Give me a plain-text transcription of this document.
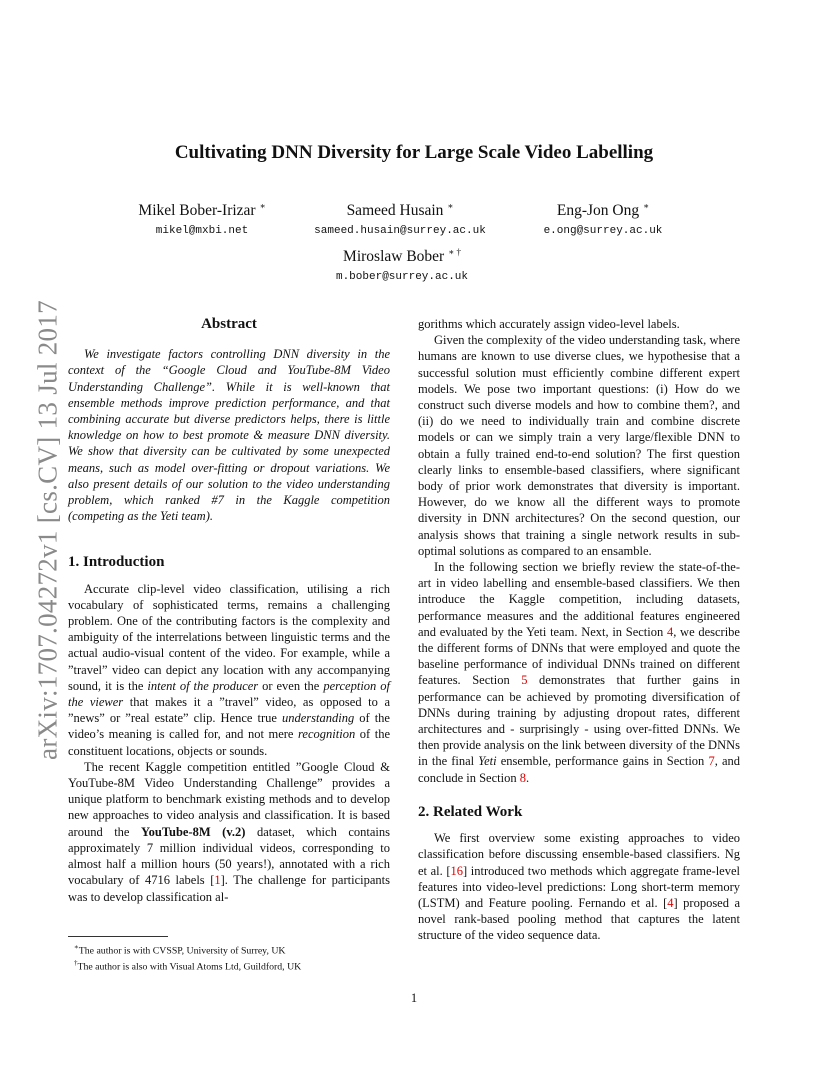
arXiv:1707.04272v1 [cs.CV] 13 Jul 2017
Cultivating DNN Diversity for Large Scale Video Labelling
Mikel Bober-Irizar ∗
mikel@mxbi.net
Sameed Husain ∗
sameed.husain@surrey.ac.uk
Eng-Jon Ong ∗
e.ong@surrey.ac.uk
Miroslaw Bober ∗ †
m.bober@surrey.ac.uk
Abstract

We investigate factors controlling DNN diversity in the context of the “Google Cloud and YouTube-8M Video Understanding Challenge”. While it is well-known that ensemble methods improve prediction performance, and that combining accurate but diverse predictors helps, there is little knowledge on how to best promote & measure DNN diversity. We show that diversity can be cultivated by some unexpected means, such as model over-fitting or dropout variations. We also present details of our solution to the video understanding problem, which ranked #7 in the Kaggle competition (competing as the Yeti team).

1. Introduction

Accurate clip-level video classification, utilising a rich vocabulary of sophisticated terms, remains a challenging problem. One of the contributing factors is the complexity and ambiguity of the interrelations between linguistic terms and the actual audio-visual content of the video. For example, while a ”travel” video can depict any location with any accompanying sound, it is the intent of the producer or even the perception of the viewer that makes it a ”travel” video, as opposed to a ”news” or ”real estate” clip. Hence true understanding of the video’s meaning is called for, and not mere recognition of the constituent locations, objects or sounds.

The recent Kaggle competition entitled ”Google Cloud & YouTube-8M Video Understanding Challenge” provides a unique platform to benchmark existing methods and to develop new approaches to video analysis and classification. It is based around the YouTube-8M (v.2) dataset, which contains approximately 7 million individual videos, corresponding to almost half a million hours (50 years!), annotated with a rich vocabulary of 4716 labels [1]. The challenge for participants was to develop classification al-

gorithms which accurately assign video-level labels.

Given the complexity of the video understanding task, where humans are known to use diverse clues, we hypothesise that a successful solution must efficiently combine different expert models. We pose two important questions: (i) How do we construct such diverse models and how to combine them?, and (ii) do we need to individually train and combine discrete models or can we simply train a very large/flexible DNN to obtain a fully trained end-to-end solution? The first question clearly links to ensemble-based classifiers, where significant body of prior work demonstrates that diversity is important. However, do we know all the different ways to promote diversity in DNN architectures? On the second question, our analysis shows that training a single network results in sub-optimal solutions as compared to an ensamble.

In the following section we briefly review the state-of-the-art in video labelling and ensemble-based classifiers. We then introduce the Kaggle competition, including datasets, performance measures and the additional features engineered and evaluated by the Yeti team. Next, in Section 4, we describe the different forms of DNNs that were employed and quote the baseline performance of individual DNNs trained on different features. Section 5 demonstrates that further gains in performance can be achieved by promoting diversification of DNNs during training by adjusting dropout rates, different architectures and - surprisingly - using over-fitted DNNs. We then provide analysis on the link between diversity of the DNNs in the final Yeti ensemble, performance gains in Section 7, and conclude in Section 8.

2. Related Work

We first overview some existing approaches to video classification before discussing ensemble-based classifiers. Ng et al. [16] introduced two methods which aggregate frame-level features into video-level predictions: Long short-term memory (LSTM) and Feature pooling. Fernando et al. [4] proposed a novel rank-based pooling method that captures the latent structure of the video sequence data.

∗The author is with CVSSP, University of Surrey, UK

†The author is also with Visual Atoms Ltd, Guildford, UK

1
